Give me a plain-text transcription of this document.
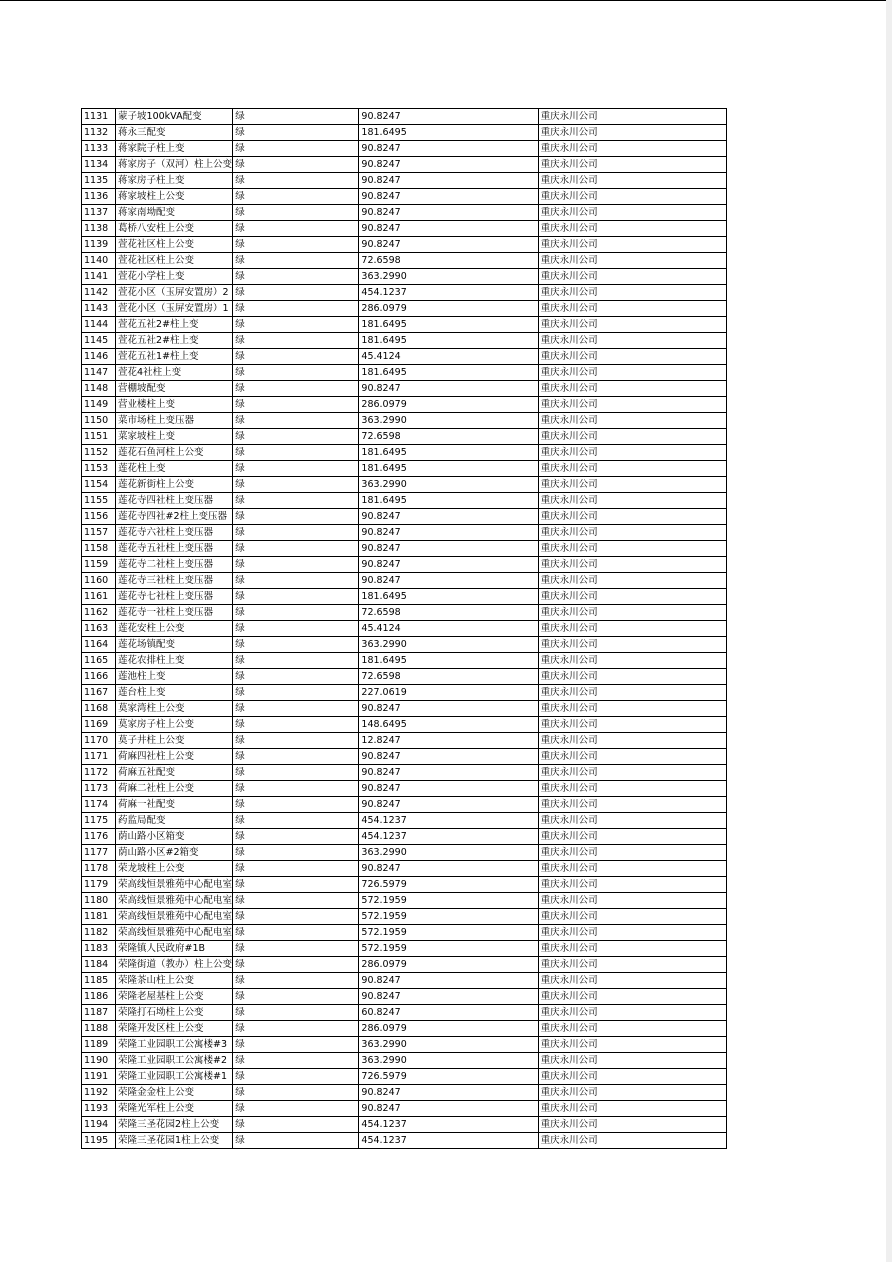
1131	蒙子坡100kVA配变	绿	90.8247	重庆永川公司
1132	蒋永三配变	绿	181.6495	重庆永川公司
1133	蒋家院子柱上变	绿	90.8247	重庆永川公司
1134	蒋家房子（双河）柱上公变	绿	90.8247	重庆永川公司
1135	蒋家房子柱上变	绿	90.8247	重庆永川公司
1136	蒋家坡柱上公变	绿	90.8247	重庆永川公司
1137	蒋家南坳配变	绿	90.8247	重庆永川公司
1138	葛桥八安柱上公变	绿	90.8247	重庆永川公司
1139	萱花社区柱上公变	绿	90.8247	重庆永川公司
1140	萱花社区柱上公变	绿	72.6598	重庆永川公司
1141	萱花小学柱上变	绿	363.2990	重庆永川公司
1142	萱花小区（玉屏安置房）2	绿	454.1237	重庆永川公司
1143	萱花小区（玉屏安置房）1	绿	286.0979	重庆永川公司
1144	萱花五社2#柱上变	绿	181.6495	重庆永川公司
1145	萱花五社2#柱上变	绿	181.6495	重庆永川公司
1146	萱花五社1#柱上变	绿	45.4124	重庆永川公司
1147	萱花4社柱上变	绿	181.6495	重庆永川公司
1148	营棚坡配变	绿	90.8247	重庆永川公司
1149	营业楼柱上变	绿	286.0979	重庆永川公司
1150	菜市场柱上变压器	绿	363.2990	重庆永川公司
1151	菜家坡柱上变	绿	72.6598	重庆永川公司
1152	莲花石鱼河柱上公变	绿	181.6495	重庆永川公司
1153	莲花柱上变	绿	181.6495	重庆永川公司
1154	莲花新街柱上公变	绿	363.2990	重庆永川公司
1155	莲花寺四社柱上变压器	绿	181.6495	重庆永川公司
1156	莲花寺四社#2柱上变压器	绿	90.8247	重庆永川公司
1157	莲花寺六社柱上变压器	绿	90.8247	重庆永川公司
1158	莲花寺五社柱上变压器	绿	90.8247	重庆永川公司
1159	莲花寺二社柱上变压器	绿	90.8247	重庆永川公司
1160	莲花寺三社柱上变压器	绿	90.8247	重庆永川公司
1161	莲花寺七社柱上变压器	绿	181.6495	重庆永川公司
1162	莲花寺一社柱上变压器	绿	72.6598	重庆永川公司
1163	莲花安柱上公变	绿	45.4124	重庆永川公司
1164	莲花场镇配变	绿	363.2990	重庆永川公司
1165	莲花农排柱上变	绿	181.6495	重庆永川公司
1166	莲池柱上变	绿	72.6598	重庆永川公司
1167	莲台柱上变	绿	227.0619	重庆永川公司
1168	莫家湾柱上公变	绿	90.8247	重庆永川公司
1169	莫家房子柱上公变	绿	148.6495	重庆永川公司
1170	莫子井柱上公变	绿	12.8247	重庆永川公司
1171	荷麻四社柱上公变	绿	90.8247	重庆永川公司
1172	荷麻五社配变	绿	90.8247	重庆永川公司
1173	荷麻二社柱上公变	绿	90.8247	重庆永川公司
1174	荷麻一社配变	绿	90.8247	重庆永川公司
1175	药监局配变	绿	454.1237	重庆永川公司
1176	荫山路小区箱变	绿	454.1237	重庆永川公司
1177	荫山路小区#2箱变	绿	363.2990	重庆永川公司
1178	荣龙坡柱上公变	绿	90.8247	重庆永川公司
1179	荣高线恒景雅苑中心配电室	绿	726.5979	重庆永川公司
1180	荣高线恒景雅苑中心配电室	绿	572.1959	重庆永川公司
1181	荣高线恒景雅苑中心配电室	绿	572.1959	重庆永川公司
1182	荣高线恒景雅苑中心配电室	绿	572.1959	重庆永川公司
1183	荣隆镇人民政府#1B	绿	572.1959	重庆永川公司
1184	荣隆街道（教办）柱上公变	绿	286.0979	重庆永川公司
1185	荣隆茶山柱上公变	绿	90.8247	重庆永川公司
1186	荣隆老屋基柱上公变	绿	90.8247	重庆永川公司
1187	荣隆打石坳柱上公变	绿	60.8247	重庆永川公司
1188	荣隆开发区柱上公变	绿	286.0979	重庆永川公司
1189	荣隆工业园职工公寓楼#3	绿	363.2990	重庆永川公司
1190	荣隆工业园职工公寓楼#2	绿	363.2990	重庆永川公司
1191	荣隆工业园职工公寓楼#1	绿	726.5979	重庆永川公司
1192	荣隆金金柱上公变	绿	90.8247	重庆永川公司
1193	荣隆光军柱上公变	绿	90.8247	重庆永川公司
1194	荣隆三圣花园2柱上公变	绿	454.1237	重庆永川公司
1195	荣隆三圣花园1柱上公变	绿	454.1237	重庆永川公司
